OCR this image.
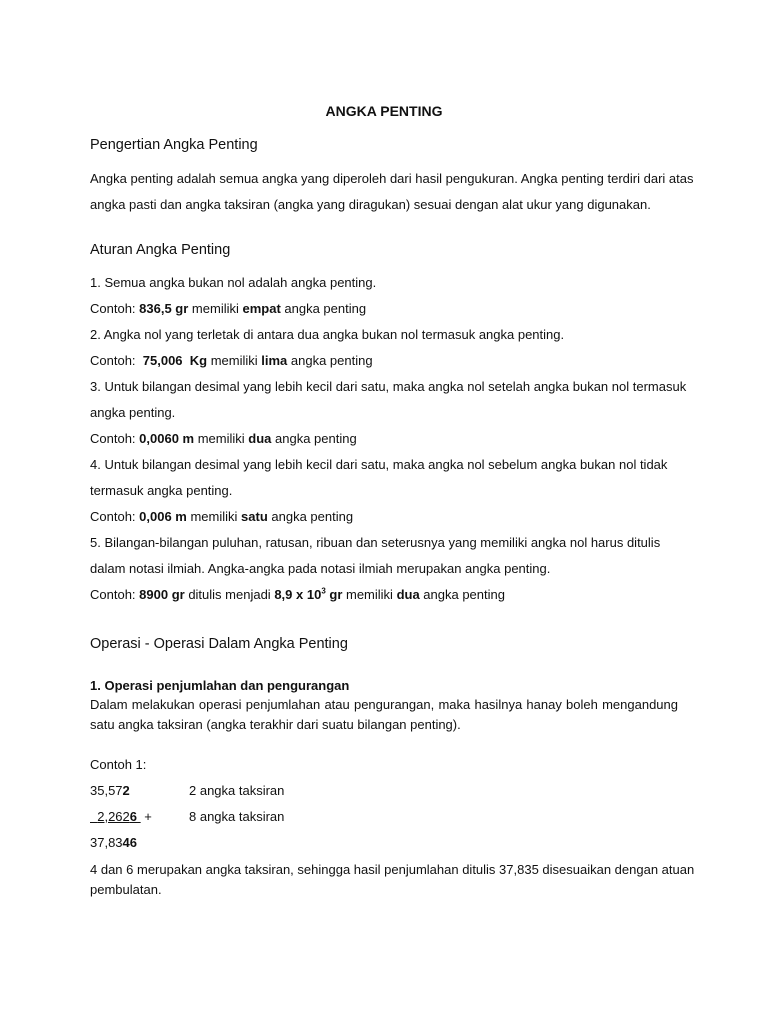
ANGKA PENTING
Pengertian Angka Penting
Angka penting adalah semua angka yang diperoleh dari hasil pengukuran. Angka penting terdiri dari atas
angka pasti dan angka taksiran (angka yang diragukan) sesuai dengan alat ukur yang digunakan.
Aturan Angka Penting
1. Semua angka bukan nol adalah angka penting.
Contoh: 836,5 gr memiliki empat angka penting
2. Angka nol yang terletak di antara dua angka bukan nol termasuk angka penting.
Contoh:  75,006  Kg memiliki lima angka penting
3. Untuk bilangan desimal yang lebih kecil dari satu, maka angka nol setelah angka bukan nol termasuk
angka penting.
Contoh: 0,0060 m memiliki dua angka penting
4. Untuk bilangan desimal yang lebih kecil dari satu, maka angka nol sebelum angka bukan nol tidak
termasuk angka penting.
Contoh: 0,006 m memiliki satu angka penting
5. Bilangan-bilangan puluhan, ratusan, ribuan dan seterusnya yang memiliki angka nol harus ditulis
dalam notasi ilmiah. Angka-angka pada notasi ilmiah merupakan angka penting.
Contoh: 8900 gr ditulis menjadi 8,9 x $10^3$ gr memiliki dua angka penting
Operasi - Operasi Dalam Angka Penting
1. Operasi penjumlahan dan pengurangan
Dalam melakukan operasi penjumlahan atau pengurangan, maka hasilnya hanay boleh mengandung
satu angka taksiran (angka terakhir dari suatu bilangan penting).
Contoh 1:
35,572	2 angka taksiran
2,2626  +	8 angka taksiran
37,8346
4 dan 6 merupakan angka taksiran, sehingga hasil penjumlahan ditulis 37,835 disesuaikan dengan atuan
pembulatan.
